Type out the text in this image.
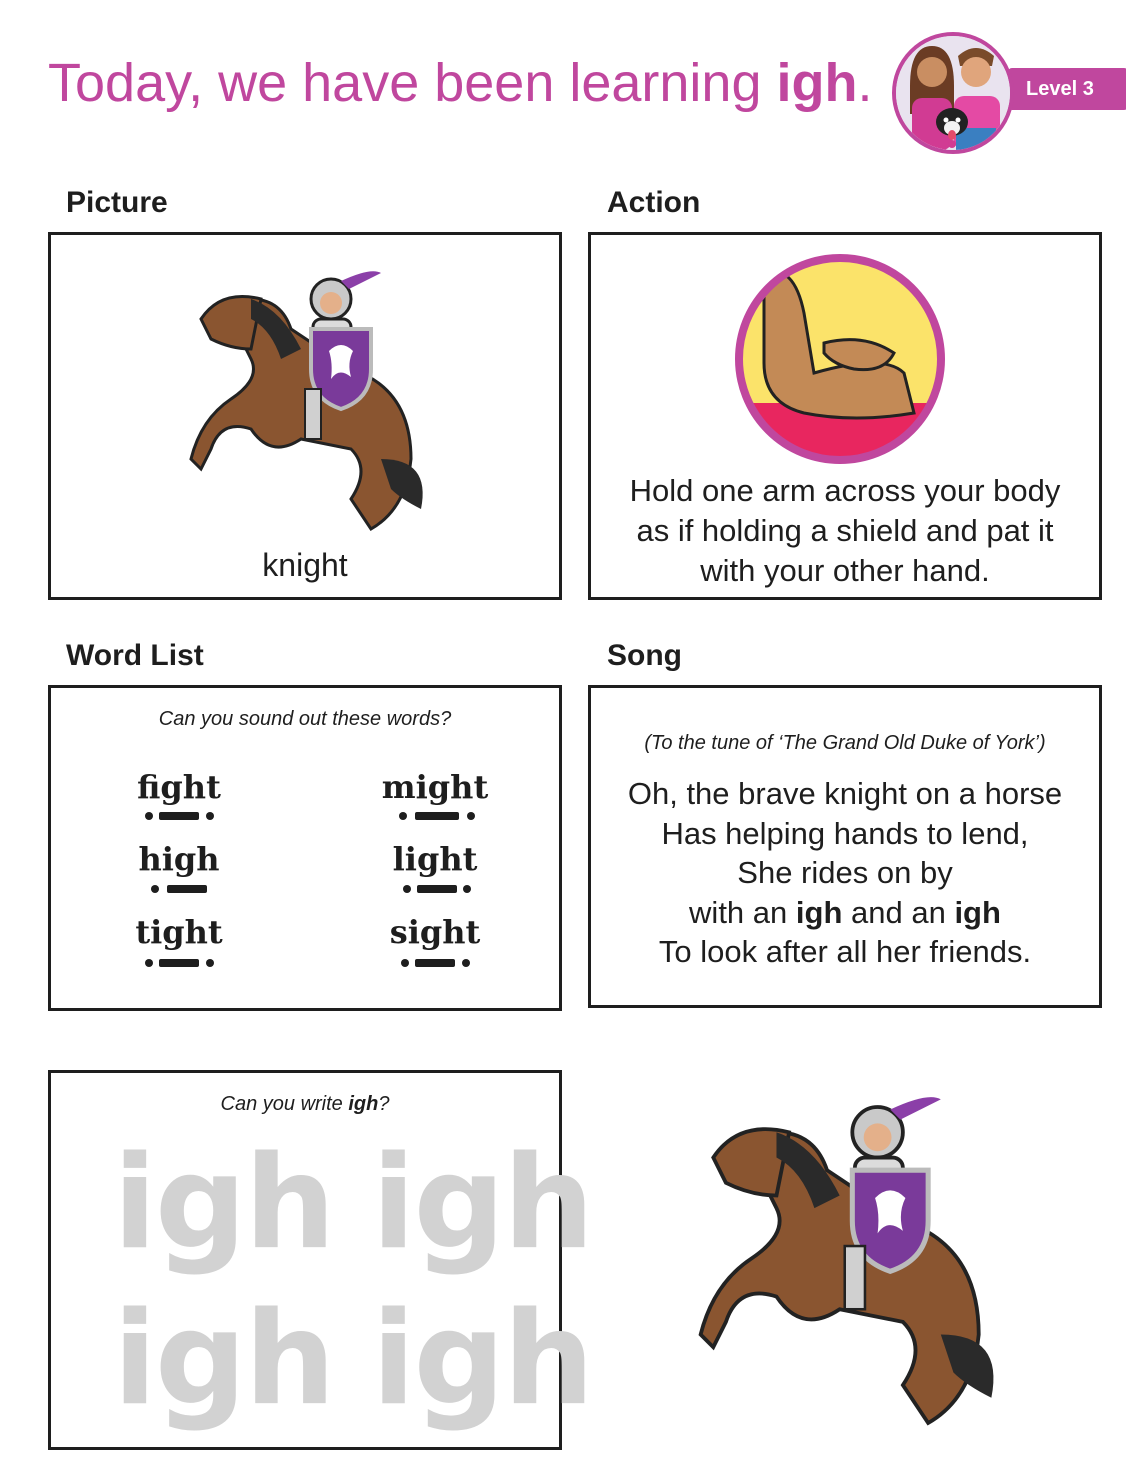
Today, we have been learning igh.	Level 3
Picture
knight
Action
Hold one arm across your body
as if holding a shield and pat it
with your other hand.
Word List
Can you sound out these words?
fight	might
high	light
tight	sight
Song
(To the tune of ‘The Grand Old Duke of York’)
Oh, the brave knight on a horse
Has helping hands to lend,
She rides on by
with an igh and an igh
To look after all her friends.
Can you write igh?
igh igh
igh igh
